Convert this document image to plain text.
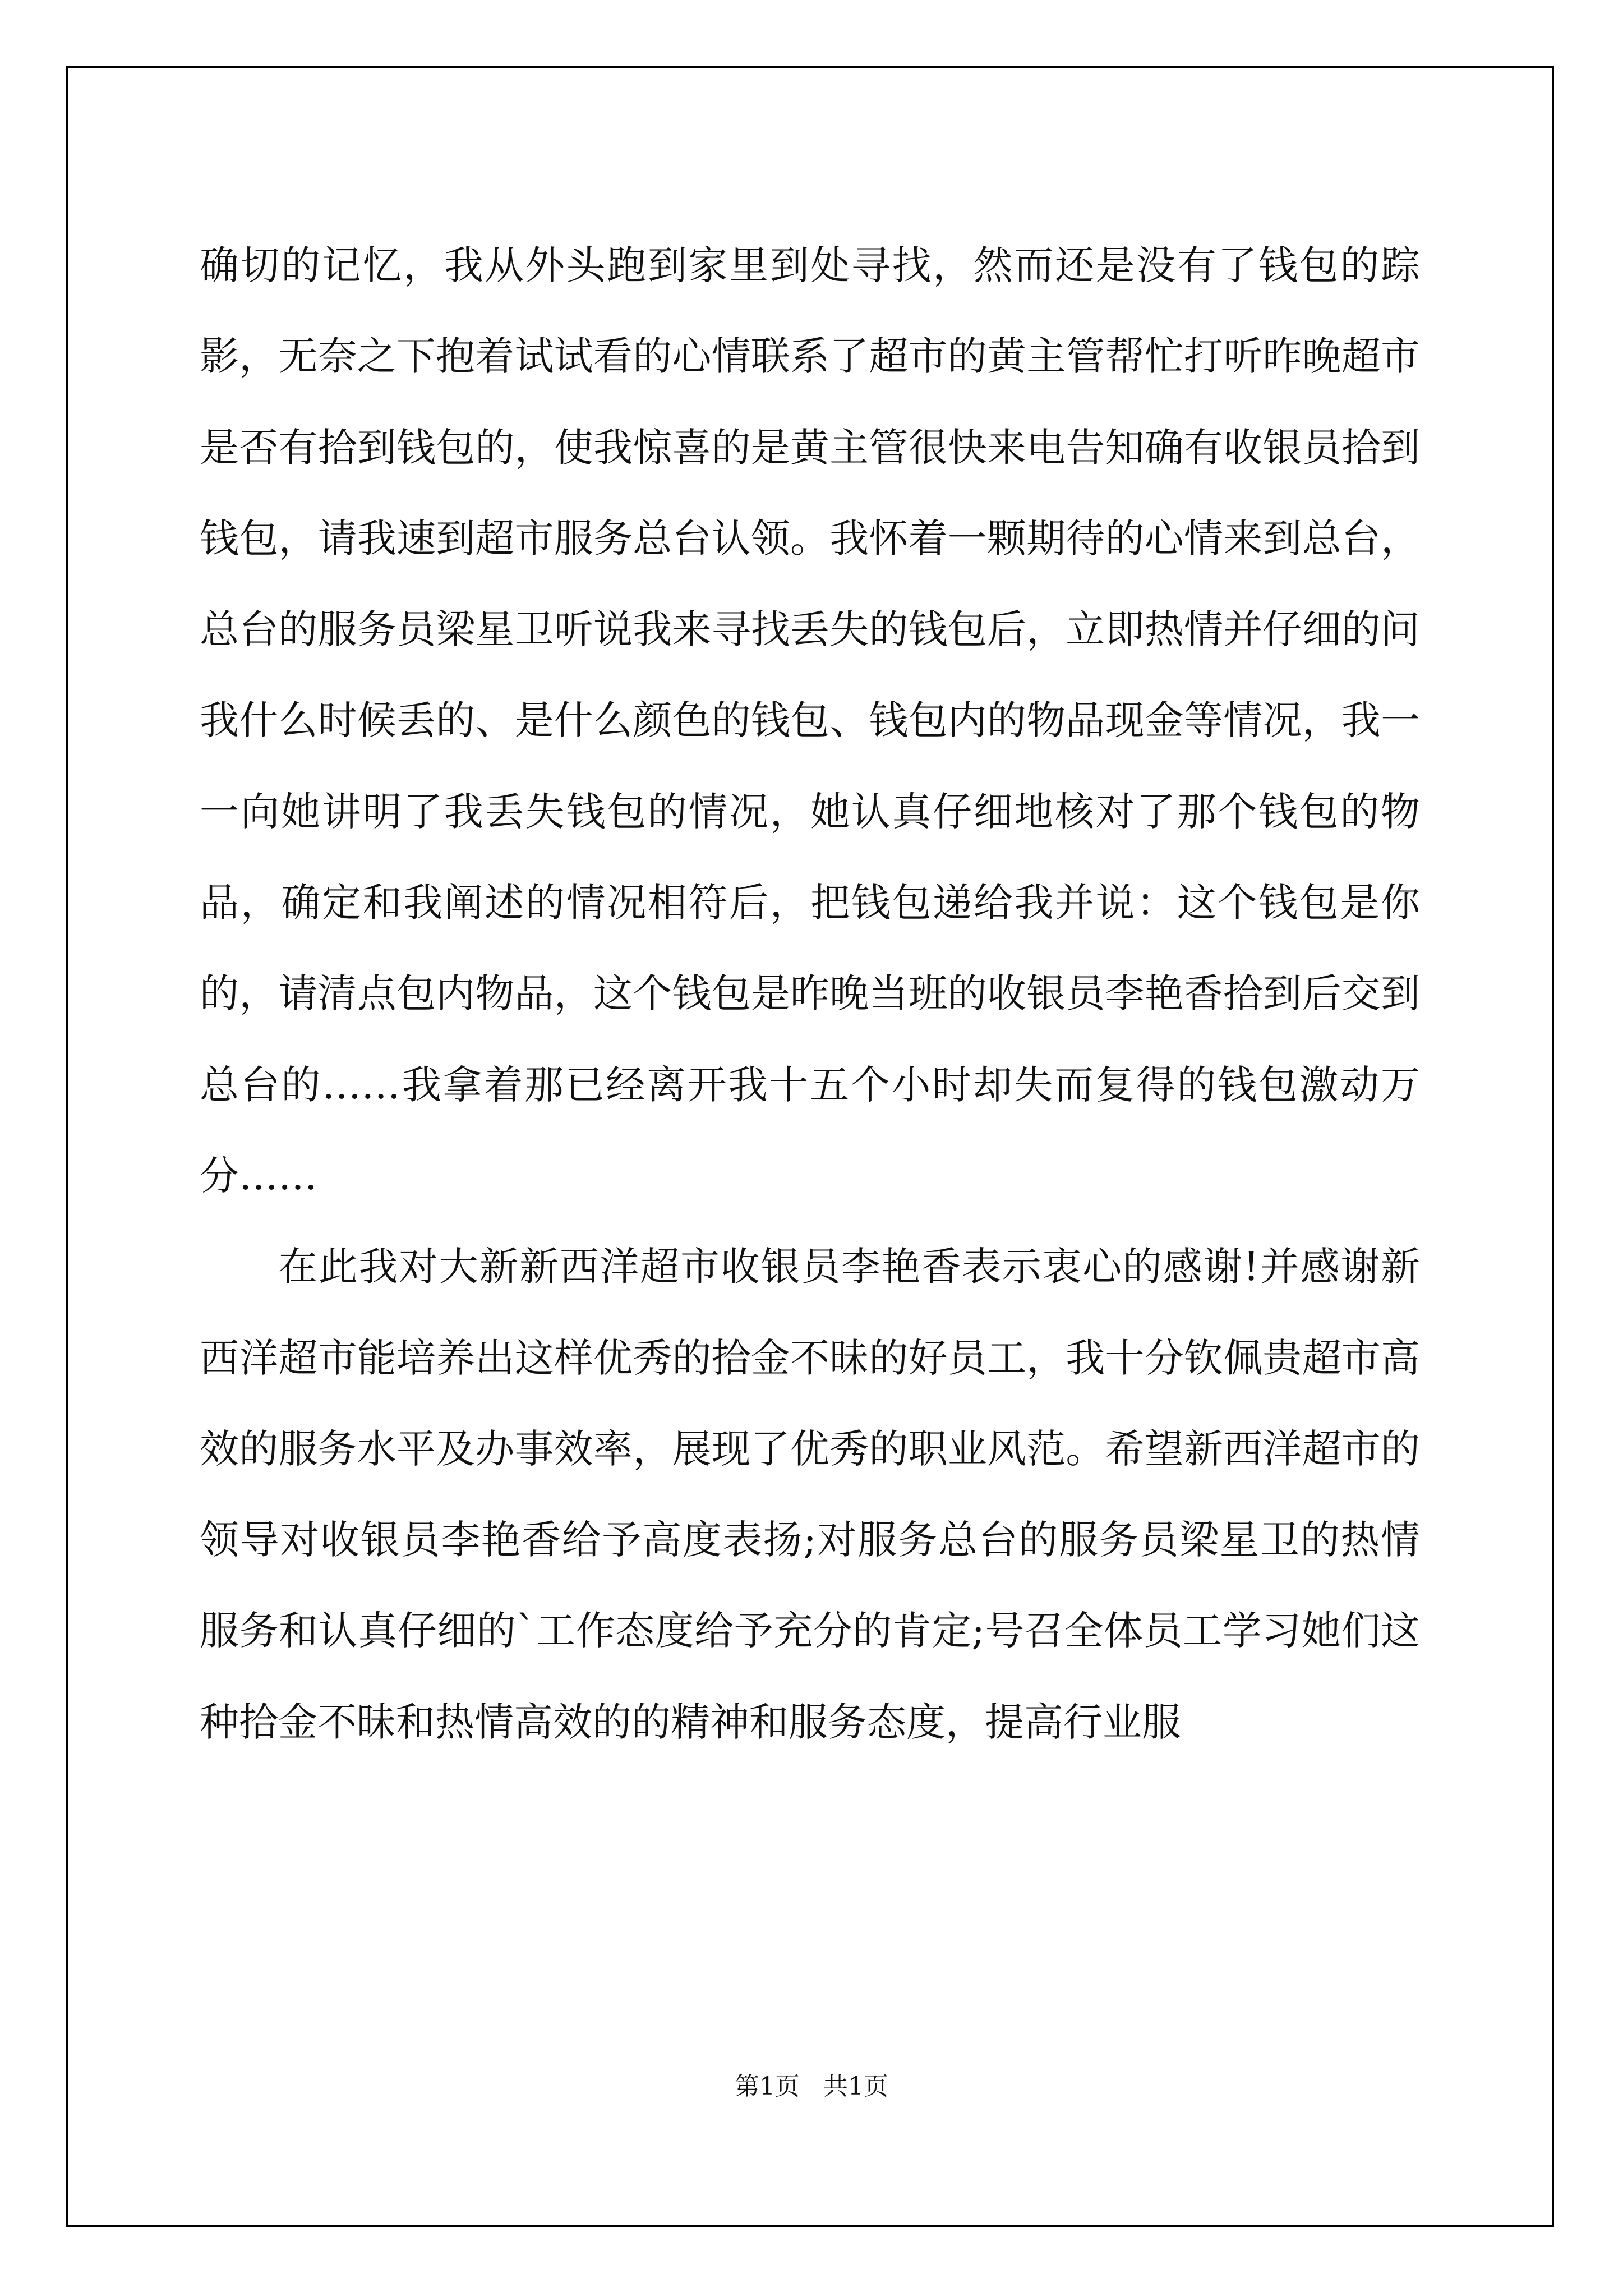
确切的记忆，我从外头跑到家里到处寻找，然而还是没有了钱包的踪影，无奈之下抱着试试看的心情联系了超市的黄主管帮忙打听昨晚超市是否有拾到钱包的，使我惊喜的是黄主管很快来电告知确有收银员拾到钱包，请我速到超市服务总台认领。我怀着一颗期待的心情来到总台，总台的服务员梁星卫听说我来寻找丢失的钱包后，立即热情并仔细的问我什么时候丢的、是什么颜色的钱包、钱包内的物品现金等情况，我一一向她讲明了我丢失钱包的情况，她认真仔细地核对了那个钱包的物品，确定和我阐述的情况相符后，把钱包递给我并说：这个钱包是你的，请清点包内物品，这个钱包是昨晚当班的收银员李艳香拾到后交到总台的……我拿着那已经离开我十五个小时却失而复得的钱包激动万分……

在此我对大新新西洋超市收银员李艳香表示衷心的感谢!并感谢新西洋超市能培养出这样优秀的拾金不昧的好员工，我十分钦佩贵超市高效的服务水平及办事效率，展现了优秀的职业风范。希望新西洋超市的领导对收银员李艳香给予高度表扬;对服务总台的服务员梁星卫的热情服务和认真仔细的`工作态度给予充分的肯定;号召全体员工学习她们这种拾金不昧和热情高效的的精神和服务态度，提高行业服

第1页   共1页
